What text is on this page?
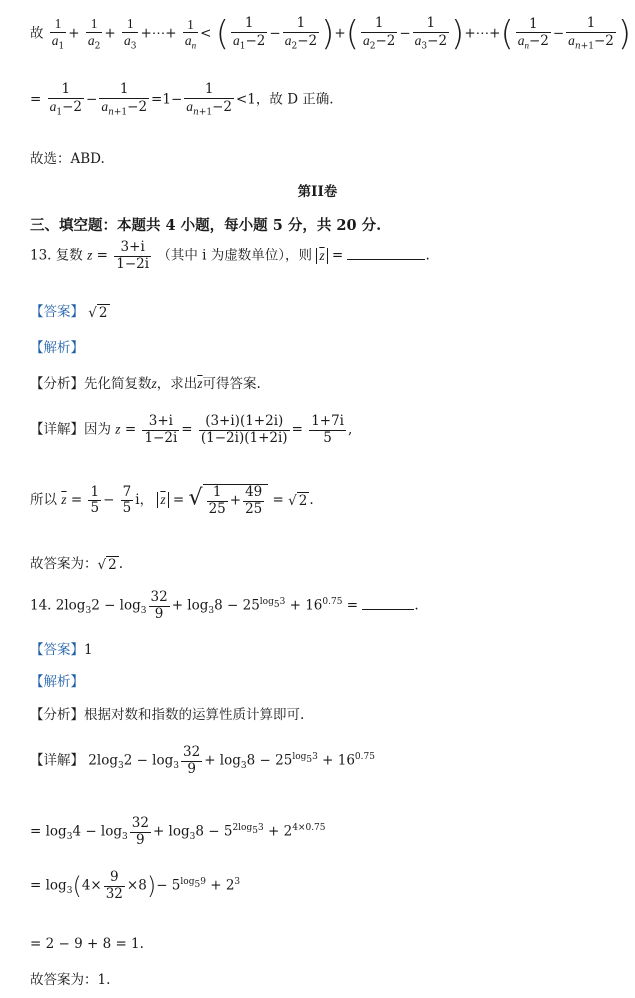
故 $\frac{1}{a_1} + \frac{1}{a_2} + \frac{1}{a_3}$ +⋯+ $\frac{1}{a_n}$ < ( $\frac{1}{a_1-2} - \frac{1}{a_2-2}$ )+( $\frac{1}{a_2-2} - \frac{1}{a_3-2}$ )+⋯+( $\frac{1}{a_n-2} - \frac{1}{a_{n+1}-2}$ )
= $\frac{1}{a_1-2} - \frac{1}{a_{n+1}-2} =1- \frac{1}{a_{n+1}-2} <1$，故 D 正确.
故选：ABD.
第II卷
三、填空题：本题共 4 小题，每小题 5 分，共 20 分.
13. 复数 $z = \frac{3+i}{1-2i}$ （其中 i 为虚数单位），则 $\overline{z}$ =	.
【答案】 √ 2
【解析】
【分析】先化简复数z，求出$\overline{z}$可得答案.
【详解】因为 $z = \frac{3+i}{1-2i} = \frac{(3+i)(1+2i)}{(1-2i)(1+2i)} = \frac{1+7i}{5}$ ,
所以 $\overline{z} = \frac{1}{5} - \frac{7}{5}$ i， $\overline{z}$ = √ $\frac{1}{25} + \frac{49}{25}$ = √ 2 .
故答案为：√ 2 .
14. $2\log_32 - \log_3 \frac{32}{9} + \log_38 - 25^{log_53} + 16^{0.75}$ =	.
【答案】1
【解析】
【分析】根据对数和指数的运算性质计算即可.
【详解】 $2\log_32 - \log_3 \frac{32}{9} + \log_38 - 25^{log_53} + 16^{0.75}$
= $\log_34 - \log_3 \frac{32}{9} + \log_38 - 5^{2log_53} + 2^{4\times 0.75}$
= $\log_3(4\times \frac{9}{32} \times 8)- 5^{log_59} + 2^3$
= 2 − 9 + 8 = 1.
故答案为：1.
